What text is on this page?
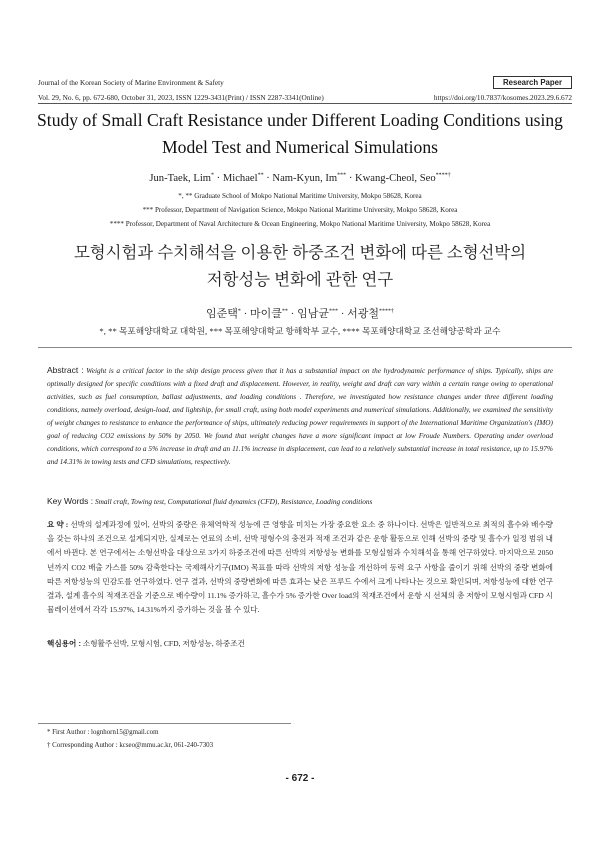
Journal of the Korean Society of Marine Environment & Safety	Research Paper
Vol. 29, No. 6, pp. 672-680, October 31, 2023, ISSN 1229-3431(Print) / ISSN 2287-3341(Online)	https://doi.org/10.7837/kosomes.2023.29.6.672
Study of Small Craft Resistance under Different Loading Conditions using
Model Test and Numerical Simulations
Jun-Taek, Lim* · Michael** · Nam-Kyun, Im*** · Kwang-Cheol, Seo****†
*, ** Graduate School of Mokpo National Maritime University, Mokpo 58628, Korea
*** Professor, Department of Navigation Science, Mokpo National Maritime University, Mokpo 58628, Korea
**** Professor, Department of Naval Architecture & Ocean Engineering, Mokpo National Maritime University, Mokpo 58628, Korea
모형시험과 수치해석을 이용한 하중조건 변화에 따른 소형선박의
저항성능 변화에 관한 연구
임준택* · 마이클** · 임남균*** · 서광철****†
*, ** 목포해양대학교 대학원, *** 목포해양대학교 항해학부 교수, **** 목포해양대학교 조선해양공학과 교수
Abstract : Weight is a critical factor in the ship design process given that it has a substantial impact on the hydrodynamic performance of ships. Typically, ships are optimally designed for specific conditions with a fixed draft and displacement. However, in reality, weight and draft can vary within a certain range owing to operational activities, such as fuel consumption, ballast adjustments, and loading conditions . Therefore, we investigated how resistance changes under three different loading conditions, namely overload, design-load, and lightship, for small craft, using both model experiments and numerical simulations. Additionally, we examined the sensitivity of weight changes to resistance to enhance the performance of ships, ultimately reducing power requirements in support of the International Maritime Organization's (IMO) goal of reducing CO2 emissions by 50% by 2050. We found that weight changes have a more significant impact at low Froude Numbers. Operating under overload conditions, which correspond to a 5% increase in draft and an 11.1% increase in displacement, can lead to a relatively substantial increase in total resistance, up to 15.97% and 14.31% in towing tests and CFD simulations, respectively.
Key Words : Small craft, Towing test, Computational fluid dynamics (CFD), Resistance, Loading conditions
요 약 : 선박의 설계과정에 있어, 선박의 중량은 유체역학적 성능에 큰 영향을 미치는 가장 중요한 요소 중 하나이다. 선박은 일반적으로 최적의 흘수와 배수량을 갖는 하나의 조건으로 설계되지만, 실제로는 연료의 소비, 선박 평형수의 충전과 적재 조건과 같은 운항 활동으로 인해 선박의 중량 및 흘수가 일정 범위 내에서 바뀐다. 본 연구에서는 소형선박을 대상으로 3가지 하중조건에 따른 선박의 저항성능 변화를 모형실험과 수치해석을 통해 연구하였다. 마지막으로 2050년까지 CO2 배출 가스를 50% 감축한다는 국제해사기구(IMO) 목표를 따라 선박의 저항 성능을 개선하여 동력 요구 사항을 줄이기 위해 선박의 중량 변화에 따른 저항성능의 민감도를 연구하였다. 연구 결과, 선박의 중량변화에 따른 효과는 낮은 프루드 수에서 크게 나타나는 것으로 확인되며, 저항성능에 대한 연구 결과, 설계 흘수의 적재조건을 기준으로 배수량이 11.1% 증가하고, 흘수가 5% 증가한 Over load의 적재조건에서 운항 시 선체의 총 저항이 모형시험과 CFD 시뮬레이션에서 각각 15.97%, 14.31%까지 증가하는 것을 볼 수 있다.
핵심용어 : 소형활주선박, 모형시험, CFD, 저항성능, 하중조건
* First Author : lognhorn15@gmail.com
† Corresponding Author : kcseo@mmu.ac.kr, 061-240-7303
- 672 -
